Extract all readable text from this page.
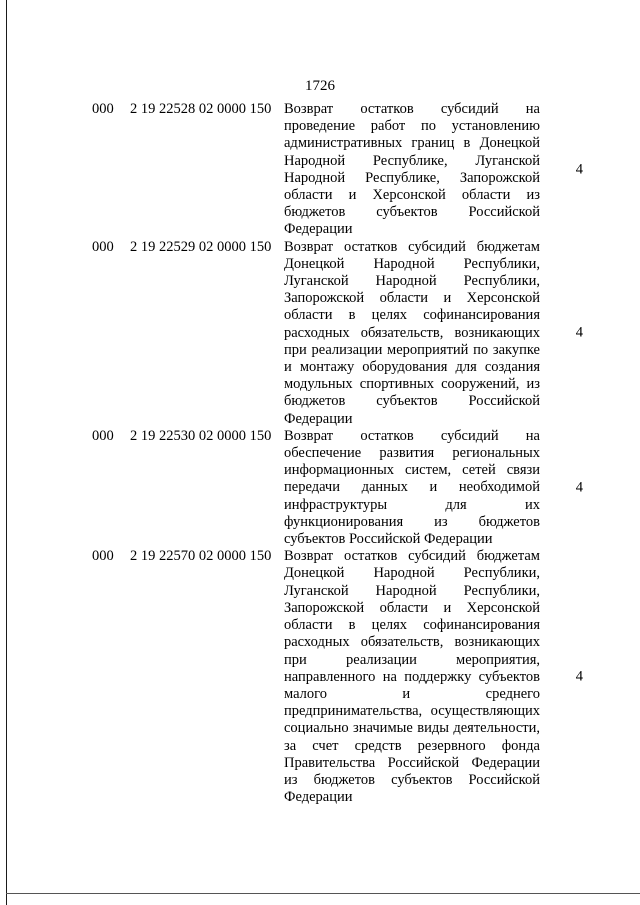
1726
000 2 19 22528 02 0000 150 Возврат остатков субсидий на
проведение работ по установлению
административных границ в Донецкой
Народной Республике, Луганской
Народной Республике, Запорожской
области и Херсонской области из
бюджетов субъектов Российской
Федерации
4
000 2 19 22529 02 0000 150 Возврат остатков субсидий бюджетам
Донецкой Народной Республики,
Луганской Народной Республики,
Запорожской области и Херсонской
области в целях софинансирования
расходных обязательств, возникающих
при реализации мероприятий по закупке
и монтажу оборудования для создания
модульных спортивных сооружений, из
бюджетов субъектов Российской
Федерации
4
000 2 19 22530 02 0000 150 Возврат остатков субсидий на
обеспечение развития региональных
информационных систем, сетей связи
передачи данных и необходимой
инфраструктуры для их
функционирования из бюджетов
субъектов Российской Федерации
4
000 2 19 22570 02 0000 150 Возврат остатков субсидий бюджетам
Донецкой Народной Республики,
Луганской Народной Республики,
Запорожской области и Херсонской
области в целях софинансирования
расходных обязательств, возникающих
при реализации мероприятия,
направленного на поддержку субъектов
малого и среднего
предпринимательства, осуществляющих
социально значимые виды деятельности,
за счет средств резервного фонда
Правительства Российской Федерации
из бюджетов субъектов Российской
Федерации
4
